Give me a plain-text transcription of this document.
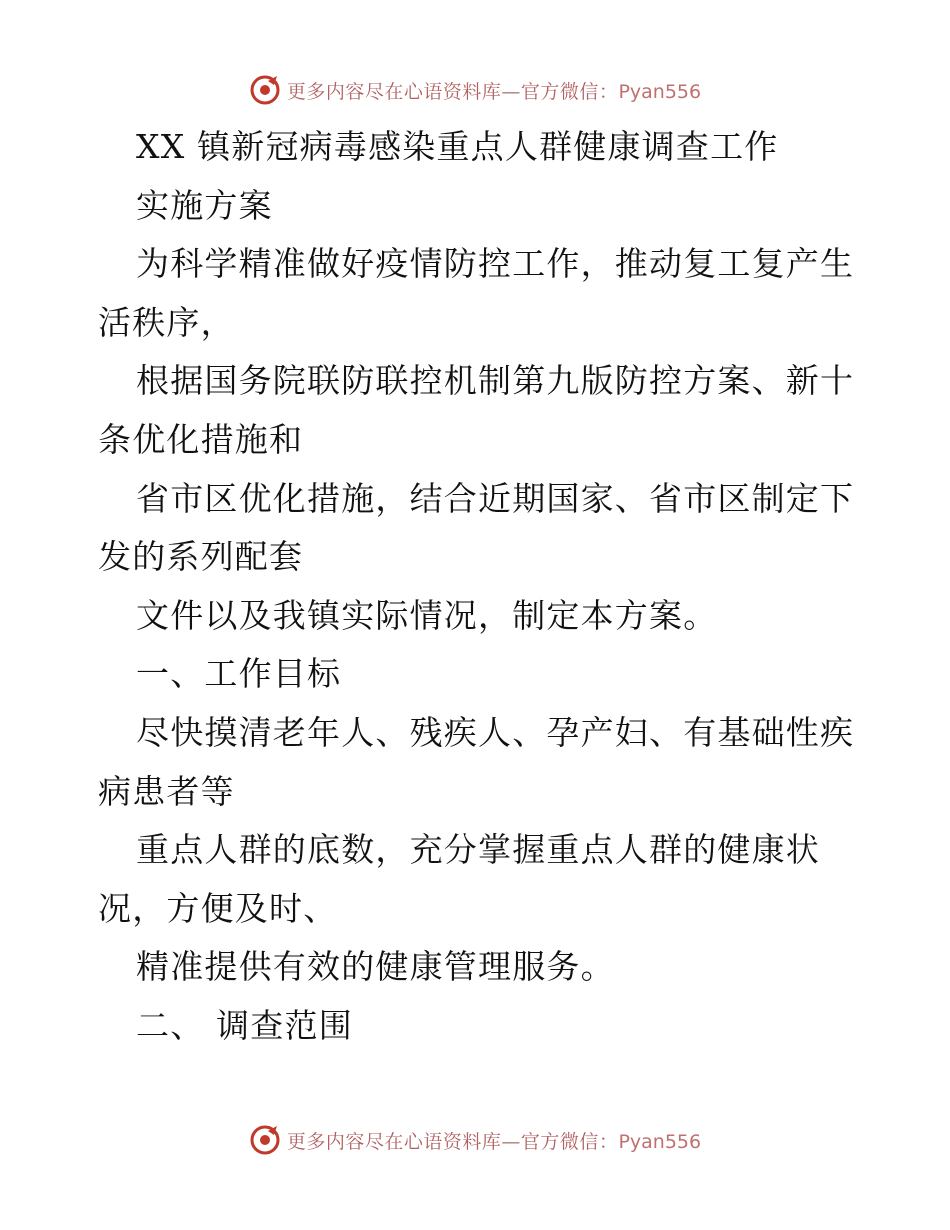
更多内容尽在心语资料库—官方微信：Pyan556
XX 镇新冠病毒感染重点人群健康调查工作
实施方案
为科学精准做好疫情防控工作，推动复工复产生
活秩序，
根据国务院联防联控机制第九版防控方案、新十
条优化措施和
省市区优化措施，结合近期国家、省市区制定下
发的系列配套
文件以及我镇实际情况，制定本方案。
一、工作目标
尽快摸清老年人、残疾人、孕产妇、有基础性疾
病患者等
重点人群的底数，充分掌握重点人群的健康状
况，方便及时、
精准提供有效的健康管理服务。
二、 调查范围
更多内容尽在心语资料库—官方微信：Pyan556
